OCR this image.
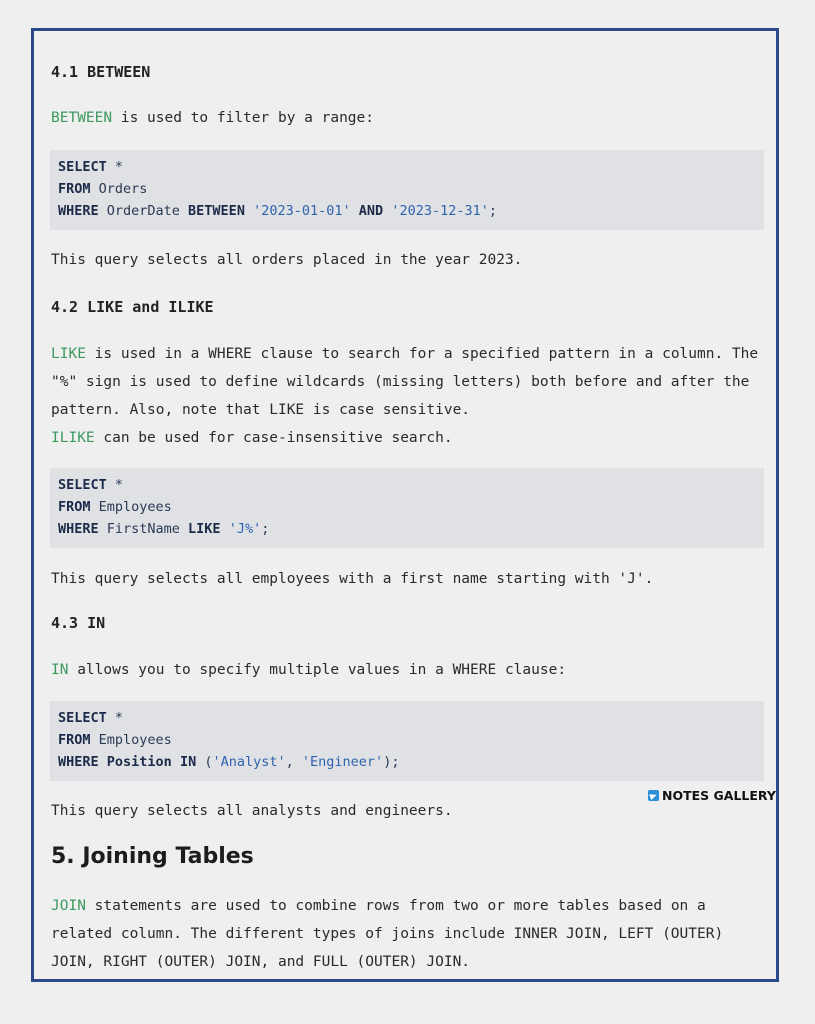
4.1 BETWEEN

BETWEEN is used to filter by a range:

SELECT *
FROM Orders
WHERE OrderDate BETWEEN '2023-01-01' AND '2023-12-31';

This query selects all orders placed in the year 2023.

4.2 LIKE and ILIKE

LIKE is used in a WHERE clause to search for a specified pattern in a column. The "%" sign is used to define wildcards (missing letters) both before and after the pattern. Also, note that LIKE is case sensitive.
ILIKE can be used for case-insensitive search.

SELECT *
FROM Employees
WHERE FirstName LIKE 'J%';

This query selects all employees with a first name starting with 'J'.

4.3 IN

IN allows you to specify multiple values in a WHERE clause:

SELECT *
FROM Employees
WHERE Position IN ('Analyst', 'Engineer');

This query selects all analysts and engineers.

5. Joining Tables

JOIN statements are used to combine rows from two or more tables based on a related column. The different types of joins include INNER JOIN, LEFT (OUTER) JOIN, RIGHT (OUTER) JOIN, and FULL (OUTER) JOIN.

NOTES GALLERY
